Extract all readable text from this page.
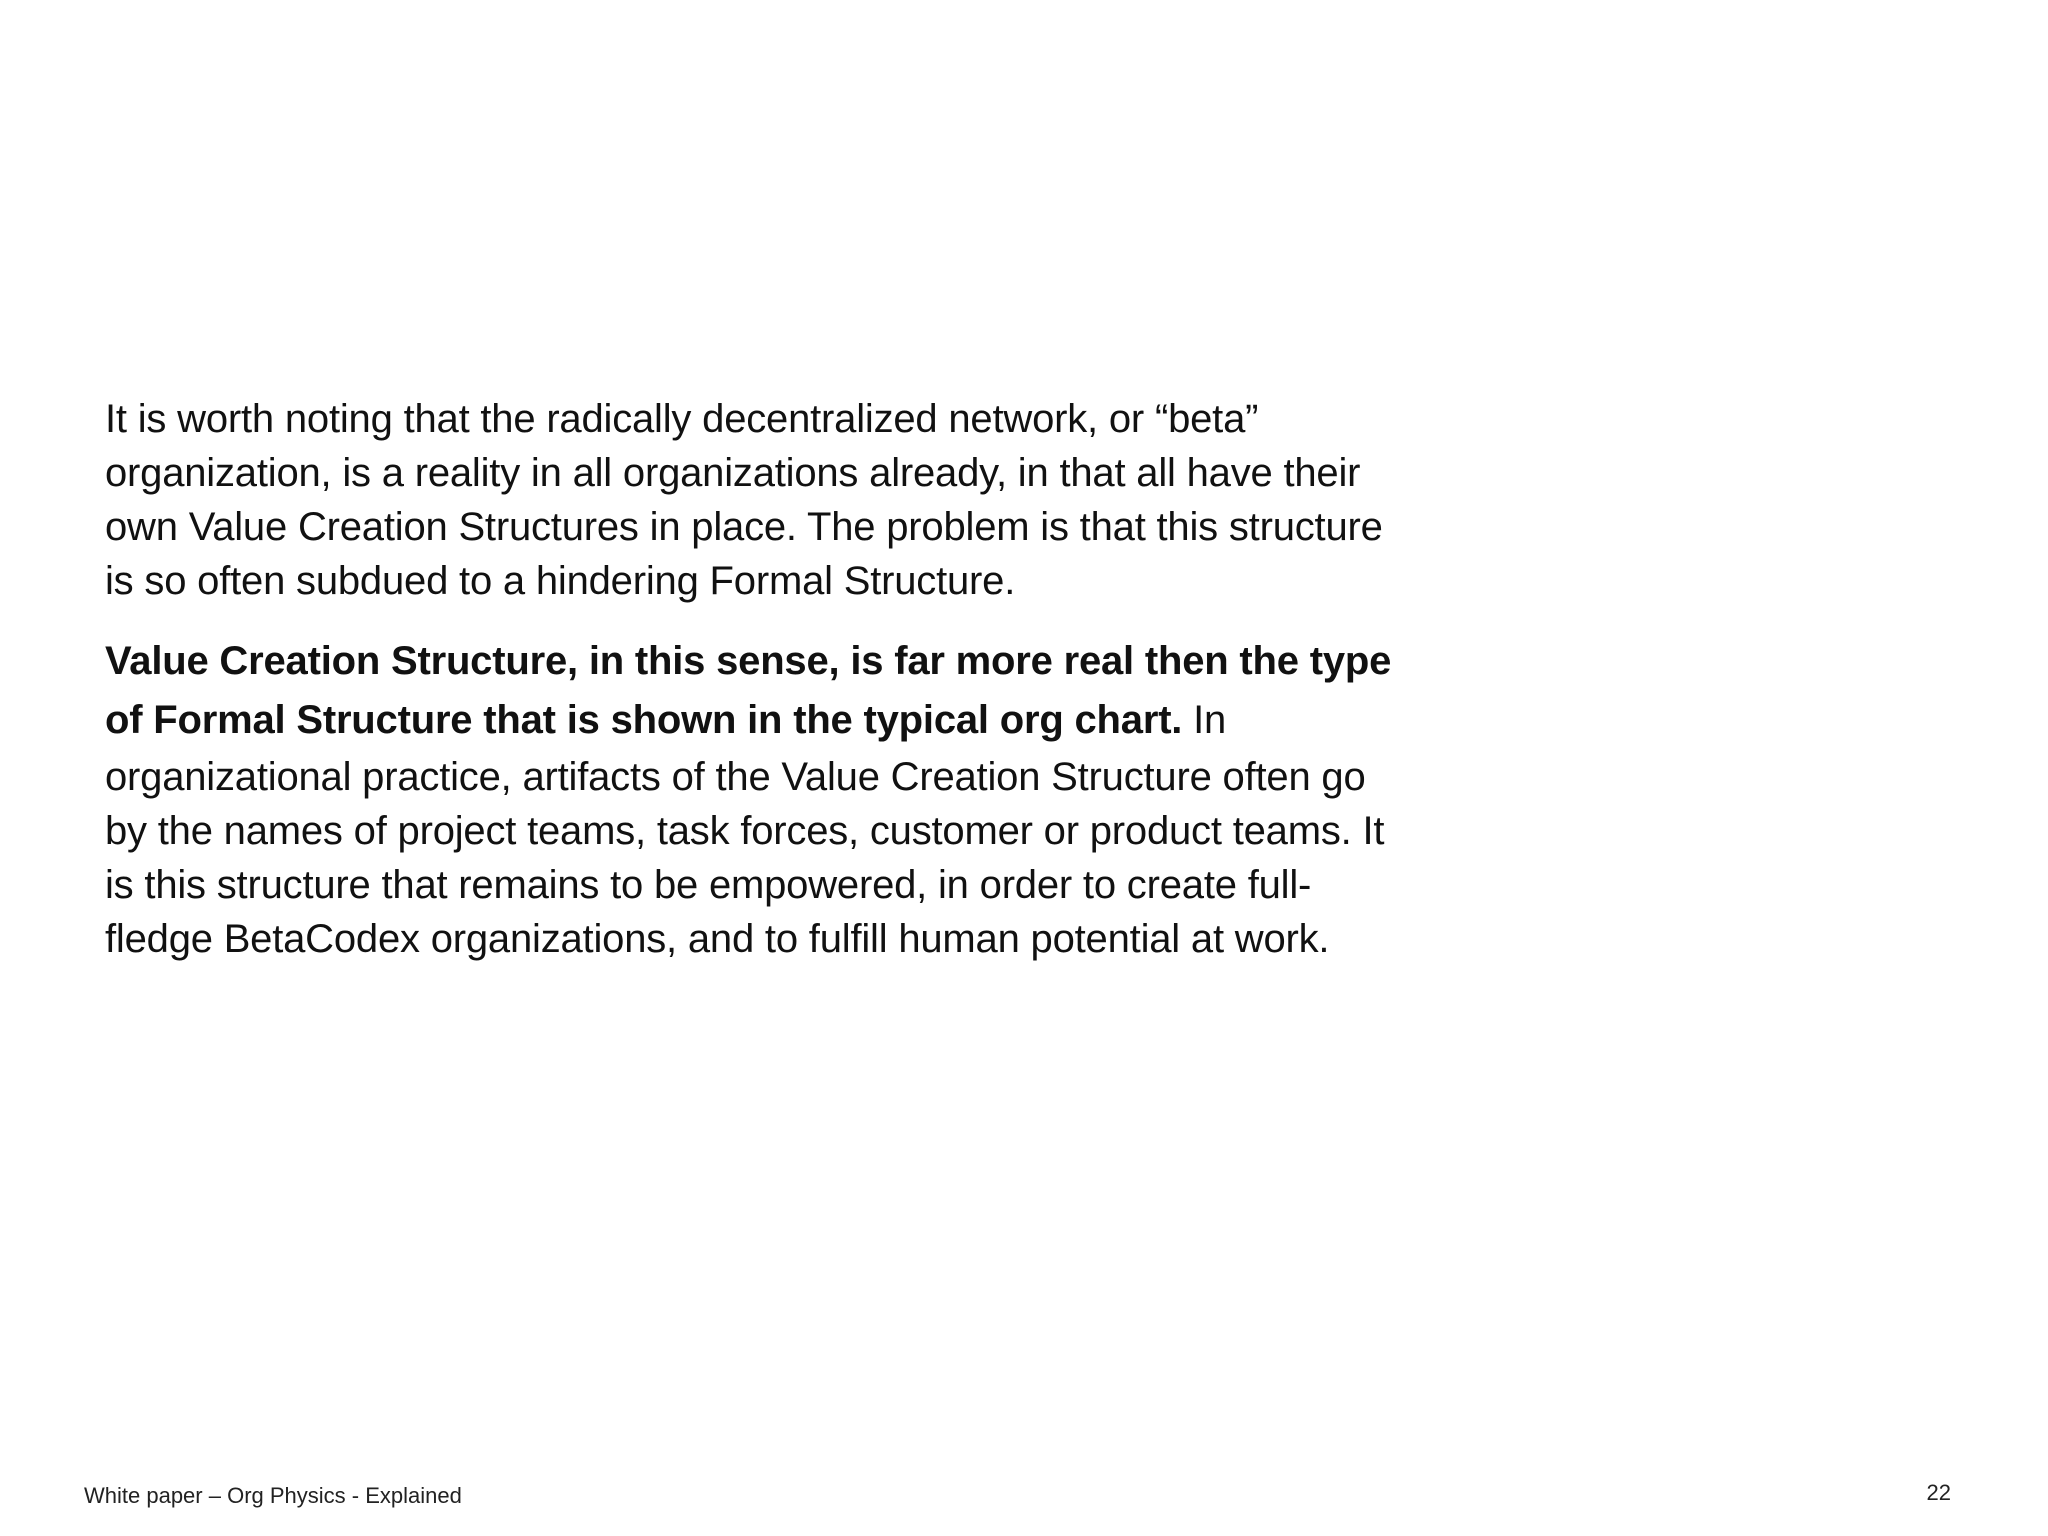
It is worth noting that the radically decentralized network, or “beta” organization, is a reality in all organizations already, in that all have their own Value Creation Structures in place. The problem is that this structure is so often subdued to a hindering Formal Structure.

Value Creation Structure, in this sense, is far more real then the type of Formal Structure that is shown in the typical org chart. In organizational practice, artifacts of the Value Creation Structure often go by the names of project teams, task forces, customer or product teams. It is this structure that remains to be empowered, in order to create full-fledge BetaCodex organizations, and to fulfill human potential at work.

White paper – Org Physics - Explained	22
